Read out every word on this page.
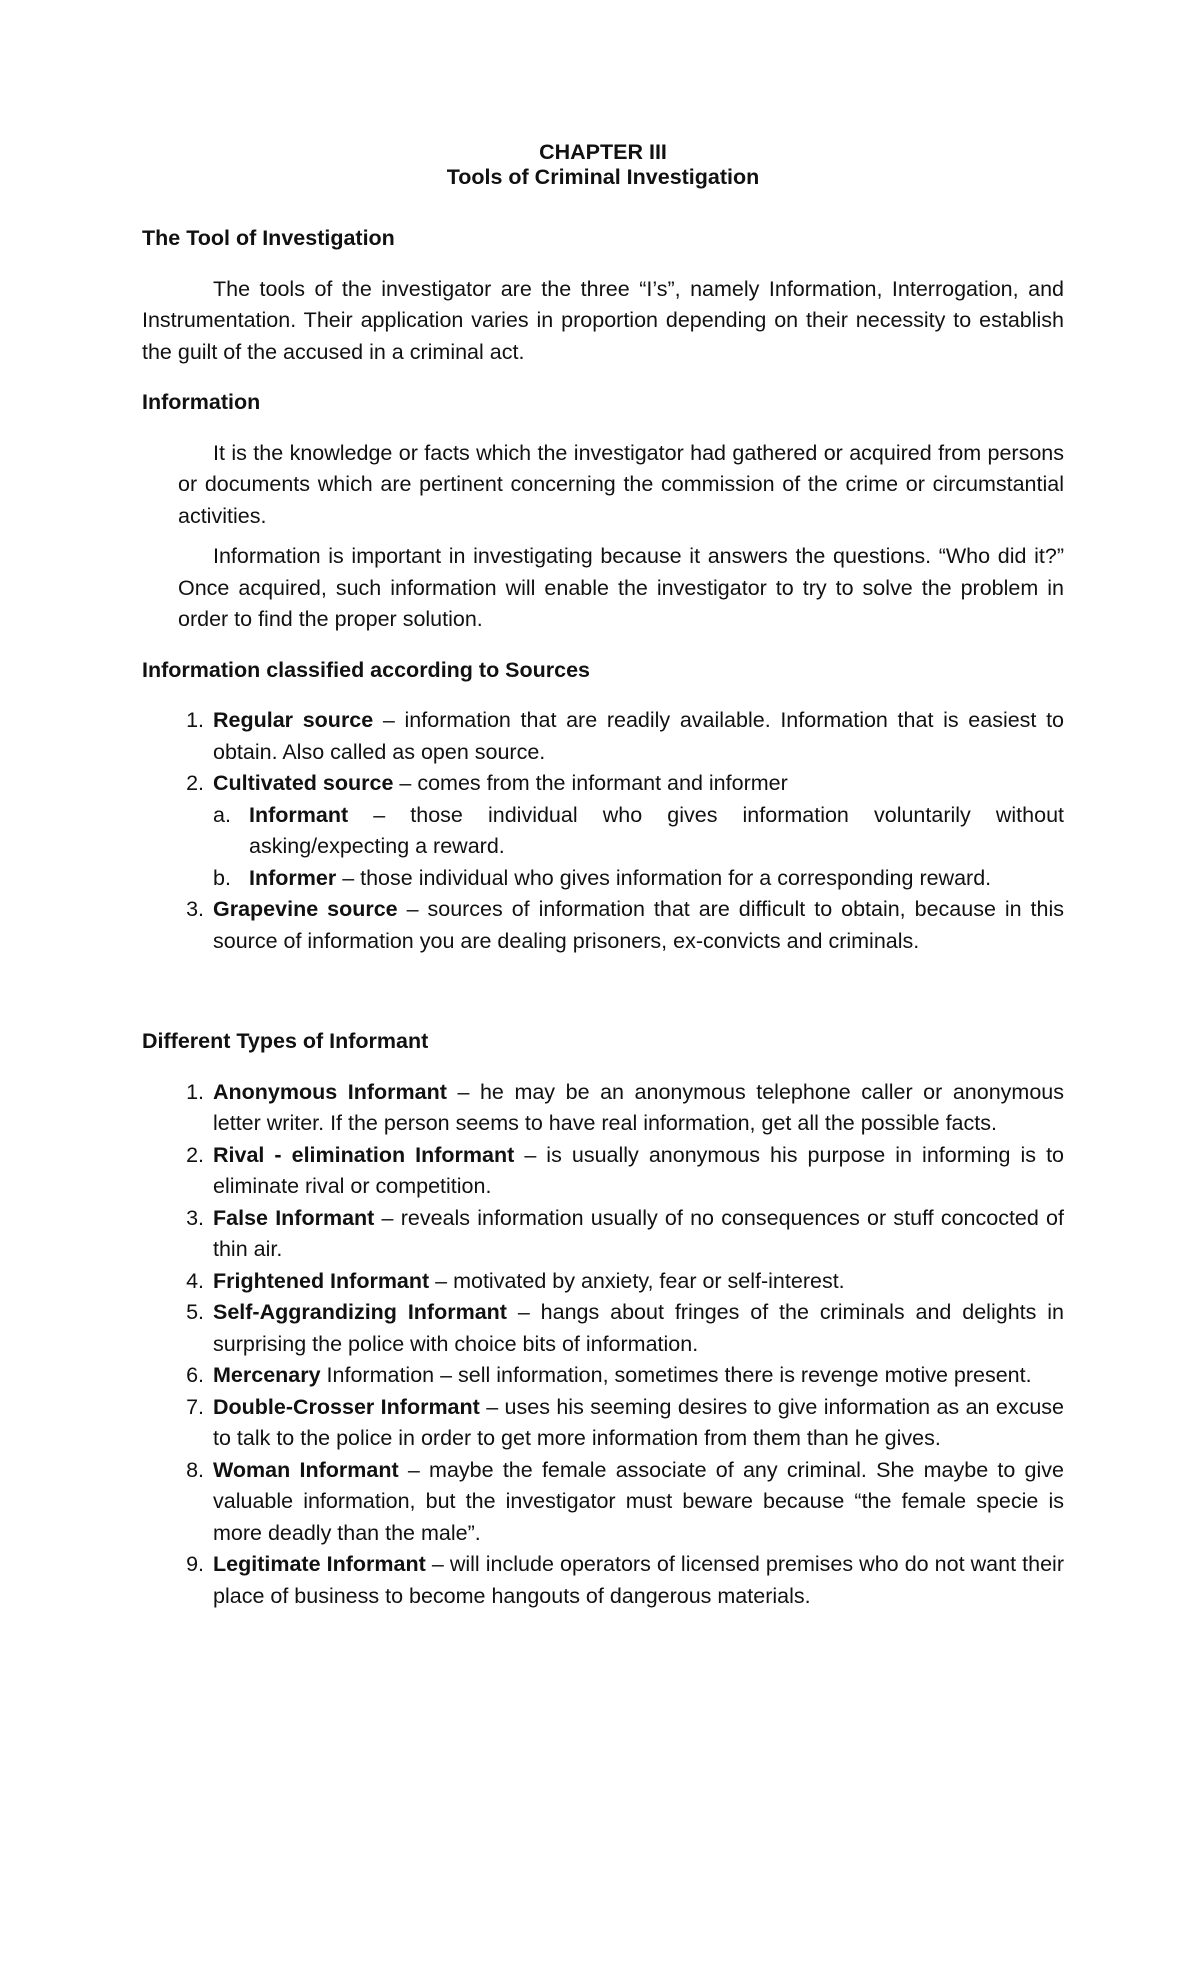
CHAPTER III
Tools of Criminal Investigation

The Tool of Investigation

The tools of the investigator are the three “I’s”, namely Information, Interrogation, and Instrumentation. Their application varies in proportion depending on their necessity to establish the guilt of the accused in a criminal act.

Information

It is the knowledge or facts which the investigator had gathered or acquired from persons or documents which are pertinent concerning the commission of the crime or circumstantial activities.

Information is important in investigating because it answers the questions. “Who did it?” Once acquired, such information will enable the investigator to try to solve the problem in order to find the proper solution.

Information classified according to Sources

1. Regular source – information that are readily available. Information that is easiest to obtain. Also called as open source.
2. Cultivated source – comes from the informant and informer
a. Informant – those individual who gives information voluntarily without asking/expecting a reward.
b. Informer – those individual who gives information for a corresponding reward.
3. Grapevine source – sources of information that are difficult to obtain, because in this source of information you are dealing prisoners, ex-convicts and criminals.

Different Types of Informant

1. Anonymous Informant – he may be an anonymous telephone caller or anonymous letter writer. If the person seems to have real information, get all the possible facts.
2. Rival - elimination Informant – is usually anonymous his purpose in informing is to eliminate rival or competition.
3. False Informant – reveals information usually of no consequences or stuff concocted of thin air.
4. Frightened Informant – motivated by anxiety, fear or self-interest.
5. Self-Aggrandizing Informant – hangs about fringes of the criminals and delights in surprising the police with choice bits of information.
6. Mercenary Information – sell information, sometimes there is revenge motive present.
7. Double-Crosser Informant – uses his seeming desires to give information as an excuse to talk to the police in order to get more information from them than he gives.
8. Woman Informant – maybe the female associate of any criminal. She maybe to give valuable information, but the investigator must beware because “the female specie is more deadly than the male”.
9. Legitimate Informant – will include operators of licensed premises who do not want their place of business to become hangouts of dangerous materials.
